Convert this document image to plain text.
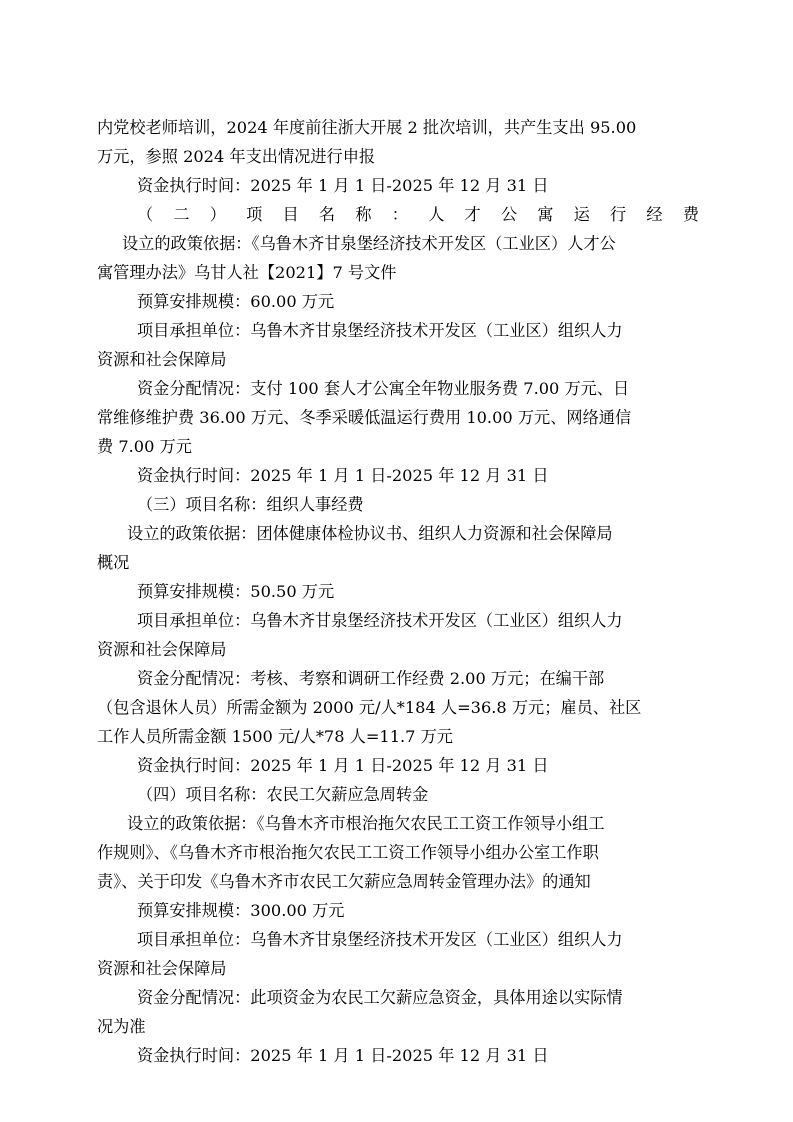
内党校老师培训，2024 年度前往浙大开展 2 批次培训，共产生支出 95.00
万元，参照 2024 年支出情况进行申报
资金执行时间：2025 年 1 月 1 日-2025 年 12 月 31 日
（ 二 ） 项 目 名 称 ： 人 才 公 寓 运 行 经 费
设立的政策依据：《乌鲁木齐甘泉堡经济技术开发区（工业区）人才公
寓管理办法》乌甘人社【2021】7 号文件
预算安排规模：60.00 万元
项目承担单位：乌鲁木齐甘泉堡经济技术开发区（工业区）组织人力
资源和社会保障局
资金分配情况：支付 100 套人才公寓全年物业服务费 7.00 万元、日
常维修维护费 36.00 万元、冬季采暖低温运行费用 10.00 万元、网络通信
费 7.00 万元
资金执行时间：2025 年 1 月 1 日-2025 年 12 月 31 日
（三）项目名称：组织人事经费
设立的政策依据：团体健康体检协议书、组织人力资源和社会保障局
概况
预算安排规模：50.50 万元
项目承担单位：乌鲁木齐甘泉堡经济技术开发区（工业区）组织人力
资源和社会保障局
资金分配情况：考核、考察和调研工作经费 2.00 万元；在编干部
（包含退休人员）所需金额为 2000 元/人*184 人=36.8 万元；雇员、社区
工作人员所需金额 1500 元/人*78 人=11.7 万元
资金执行时间：2025 年 1 月 1 日-2025 年 12 月 31 日
（四）项目名称：农民工欠薪应急周转金
设立的政策依据：《乌鲁木齐市根治拖欠农民工工资工作领导小组工
作规则》、《乌鲁木齐市根治拖欠农民工工资工作领导小组办公室工作职
责》、关于印发《乌鲁木齐市农民工欠薪应急周转金管理办法》的通知
预算安排规模：300.00 万元
项目承担单位：乌鲁木齐甘泉堡经济技术开发区（工业区）组织人力
资源和社会保障局
资金分配情况：此项资金为农民工欠薪应急资金，具体用途以实际情
况为准
资金执行时间：2025 年 1 月 1 日-2025 年 12 月 31 日
